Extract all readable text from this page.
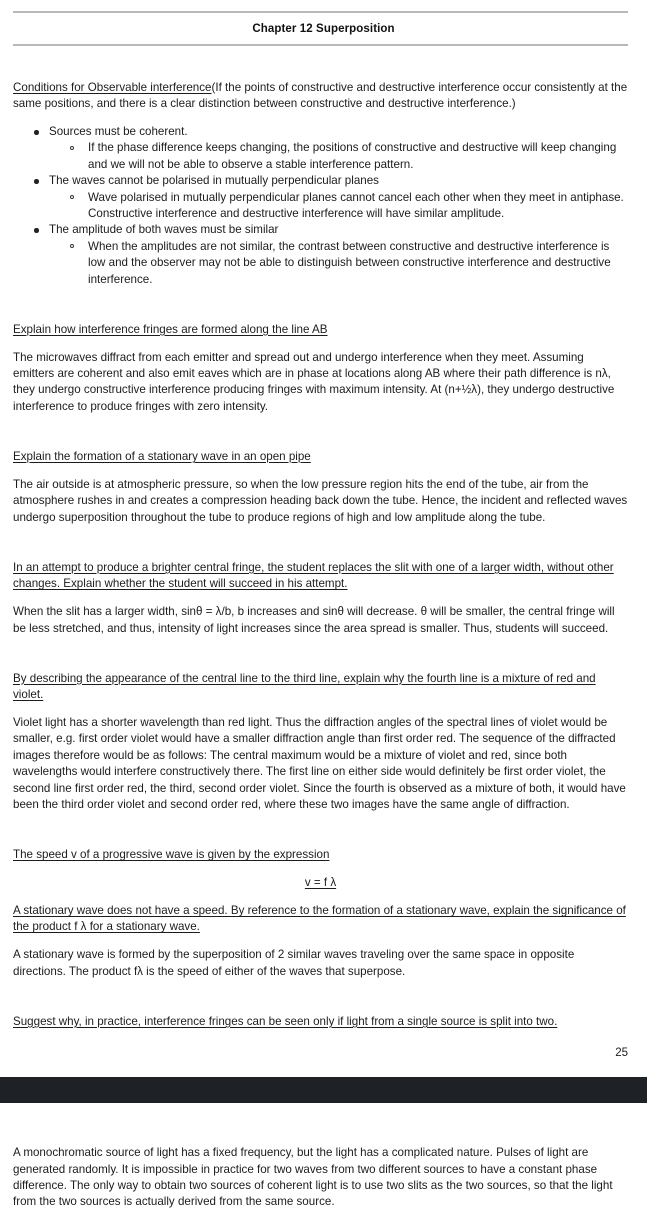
Chapter 12 Superposition

Conditions for Observable interference(If the points of constructive and destructive interference occur consistently at the same positions, and there is a clear distinction between constructive and destructive interference.)

Sources must be coherent.
If the phase difference keeps changing, the positions of constructive and destructive will keep changing and we will not be able to observe a stable interference pattern.
The waves cannot be polarised in mutually perpendicular planes
Wave polarised in mutually perpendicular planes cannot cancel each other when they meet in antiphase. Constructive interference and destructive interference will have similar amplitude.
The amplitude of both waves must be similar
When the amplitudes are not similar, the contrast between constructive and destructive interference is low and the observer may not be able to distinguish between constructive interference and destructive interference.

Explain how interference fringes are formed along the line AB

The microwaves diffract from each emitter and spread out and undergo interference when they meet. Assuming emitters are coherent and also emit eaves which are in phase at locations along AB where their path difference is nλ, they undergo constructive interference producing fringes with maximum intensity. At (n+½λ), they undergo destructive interference to produce fringes with zero intensity.

Explain the formation of a stationary wave in an open pipe

The air outside is at atmospheric pressure, so when the low pressure region hits the end of the tube, air from the atmosphere rushes in and creates a compression heading back down the tube. Hence, the incident and reflected waves undergo superposition throughout the tube to produce regions of high and low amplitude along the tube.

In an attempt to produce a brighter central fringe, the student replaces the slit with one of a larger width, without other changes. Explain whether the student will succeed in his attempt.

When the slit has a larger width, sinθ = λ/b, b increases and sinθ will decrease. θ will be smaller, the central fringe will be less stretched, and thus, intensity of light increases since the area spread is smaller. Thus, students will succeed.

By describing the appearance of the central line to the third line, explain why the fourth line is a mixture of red and violet.

Violet light has a shorter wavelength than red light. Thus the diffraction angles of the spectral lines of violet would be smaller, e.g. first order violet would have a smaller diffraction angle than first order red. The sequence of the diffracted images therefore would be as follows: The central maximum would be a mixture of violet and red, since both wavelengths would interfere constructively there. The first line on either side would definitely be first order violet, the second line first order red, the third, second order violet. Since the fourth is observed as a mixture of both, it would have been the third order violet and second order red, where these two images have the same angle of diffraction.

The speed v of a progressive wave is given by the expression

v = f λ

A stationary wave does not have a speed. By reference to the formation of a stationary wave, explain the significance of the product f λ for a stationary wave.

A stationary wave is formed by the superposition of 2 similar waves traveling over the same space in opposite directions. The product fλ is the speed of either of the waves that superpose.

Suggest why, in practice, interference fringes can be seen only if light from a single source is split into two.

25

A monochromatic source of light has a fixed frequency, but the light has a complicated nature. Pulses of light are generated randomly. It is impossible in practice for two waves from two different sources to have a constant phase difference. The only way to obtain two sources of coherent light is to use two slits as the two sources, so that the light from the two sources is actually derived from the same source.
